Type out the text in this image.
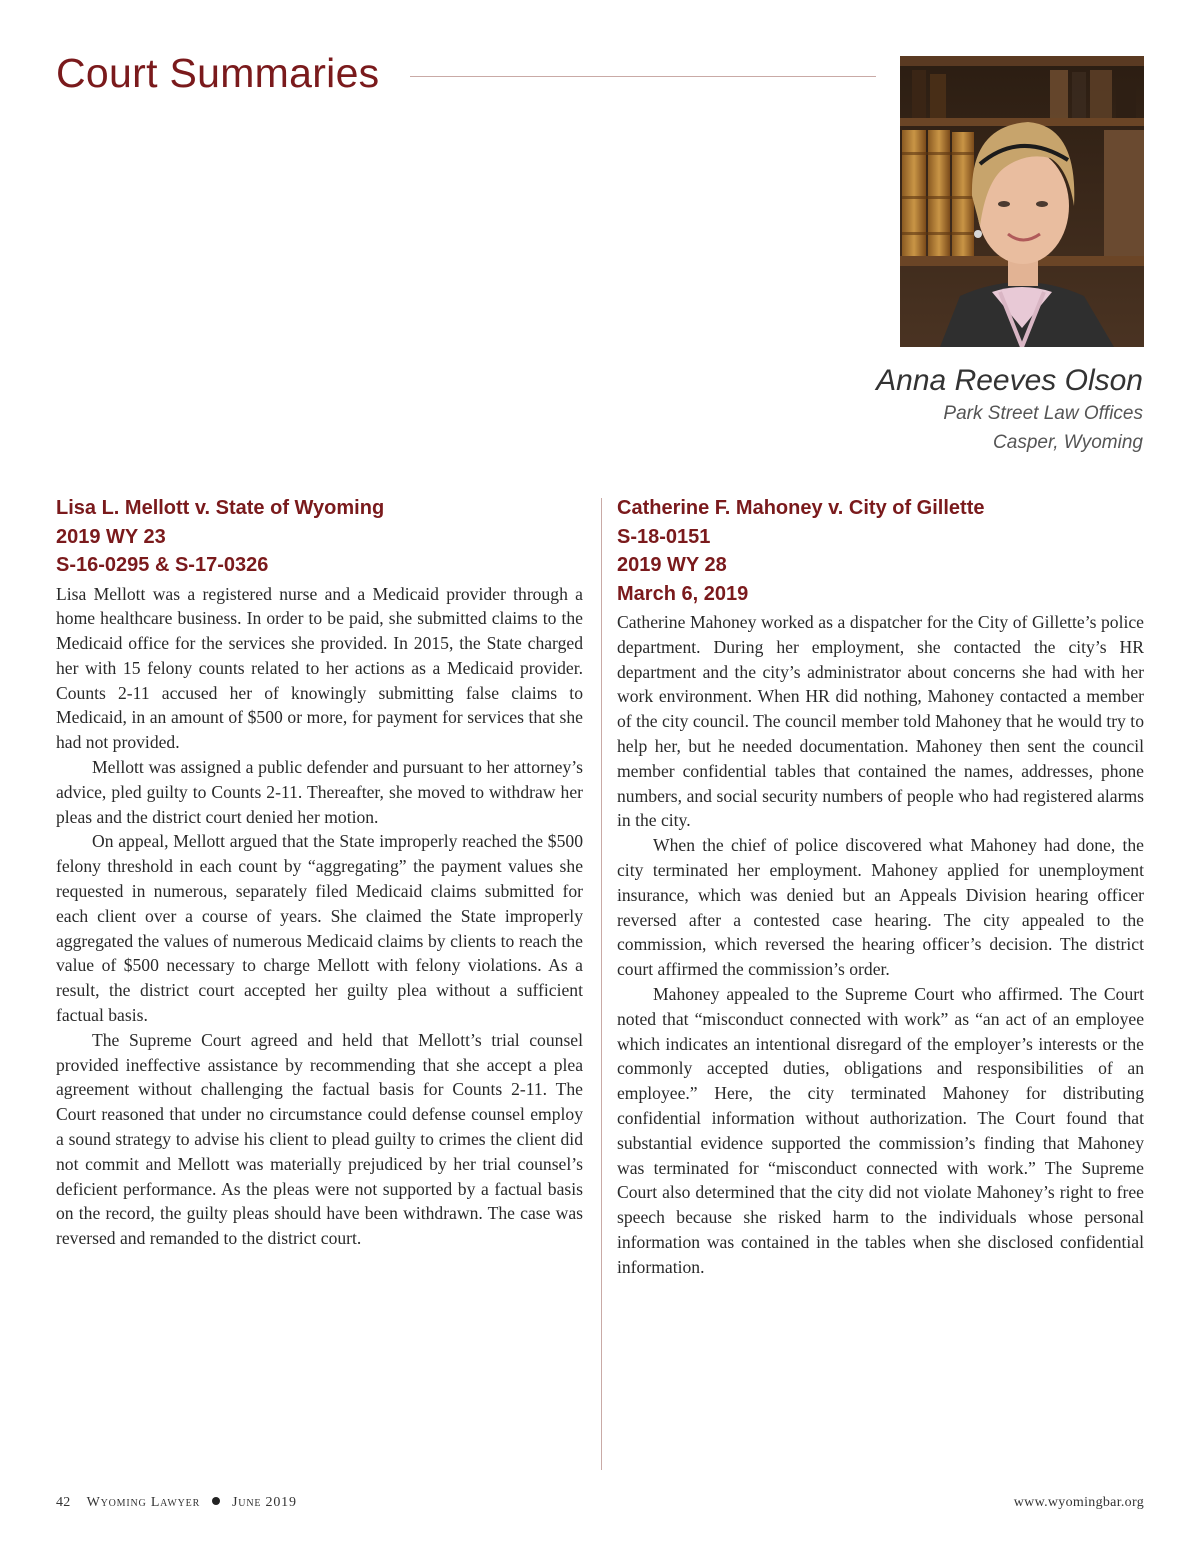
Court Summaries
Anna Reeves Olson
Park Street Law Offices
Casper, Wyoming
Lisa L. Mellott v. State of Wyoming
2019 WY 23
S-16-0295 & S-17-0326

Lisa Mellott was a registered nurse and a Medicaid provider through a home healthcare business. In order to be paid, she submitted claims to the Medicaid office for the services she provided. In 2015, the State charged her with 15 felony counts related to her actions as a Medicaid provider. Counts 2-11 accused her of knowingly submitting false claims to Medicaid, in an amount of $500 or more, for payment for services that she had not provided.

Mellott was assigned a public defender and pursuant to her attorney’s advice, pled guilty to Counts 2-11. Thereafter, she moved to withdraw her pleas and the district court denied her motion.

On appeal, Mellott argued that the State improperly reached the $500 felony threshold in each count by “aggregating” the payment values she requested in numerous, separately filed Medicaid claims submitted for each client over a course of years. She claimed the State improperly aggregated the values of numerous Medicaid claims by clients to reach the value of $500 necessary to charge Mellott with felony violations. As a result, the district court accepted her guilty plea without a sufficient factual basis.

The Supreme Court agreed and held that Mellott’s trial counsel provided ineffective assistance by recommending that she accept a plea agreement without challenging the factual basis for Counts 2-11. The Court reasoned that under no circumstance could defense counsel employ a sound strategy to advise his client to plead guilty to crimes the client did not commit and Mellott was materially prejudiced by her trial counsel’s deficient performance. As the pleas were not supported by a factual basis on the record, the guilty pleas should have been withdrawn. The case was reversed and remanded to the district court.

Catherine F. Mahoney v. City of Gillette
S-18-0151
2019 WY 28
March 6, 2019

Catherine Mahoney worked as a dispatcher for the City of Gillette’s police department. During her employment, she contacted the city’s HR department and the city’s administrator about concerns she had with her work environment. When HR did nothing, Mahoney contacted a member of the city council. The council member told Mahoney that he would try to help her, but he needed documentation. Mahoney then sent the council member confidential tables that contained the names, addresses, phone numbers, and social security numbers of people who had registered alarms in the city.

When the chief of police discovered what Mahoney had done, the city terminated her employment. Mahoney applied for unemployment insurance, which was denied but an Appeals Division hearing officer reversed after a contested case hearing. The city appealed to the commission, which reversed the hearing officer’s decision. The district court affirmed the commission’s order.

Mahoney appealed to the Supreme Court who affirmed. The Court noted that “misconduct connected with work” as “an act of an employee which indicates an intentional disregard of the employer’s interests or the commonly accepted duties, obligations and responsibilities of an employee.” Here, the city terminated Mahoney for distributing confidential information without authorization. The Court found that substantial evidence supported the commission’s finding that Mahoney was terminated for “misconduct connected with work.” The Supreme Court also determined that the city did not violate Mahoney’s right to free speech because she risked harm to the individuals whose personal information was contained in the tables when she disclosed confidential information.

42 Wyoming Lawyer June 2019	www.wyomingbar.org
